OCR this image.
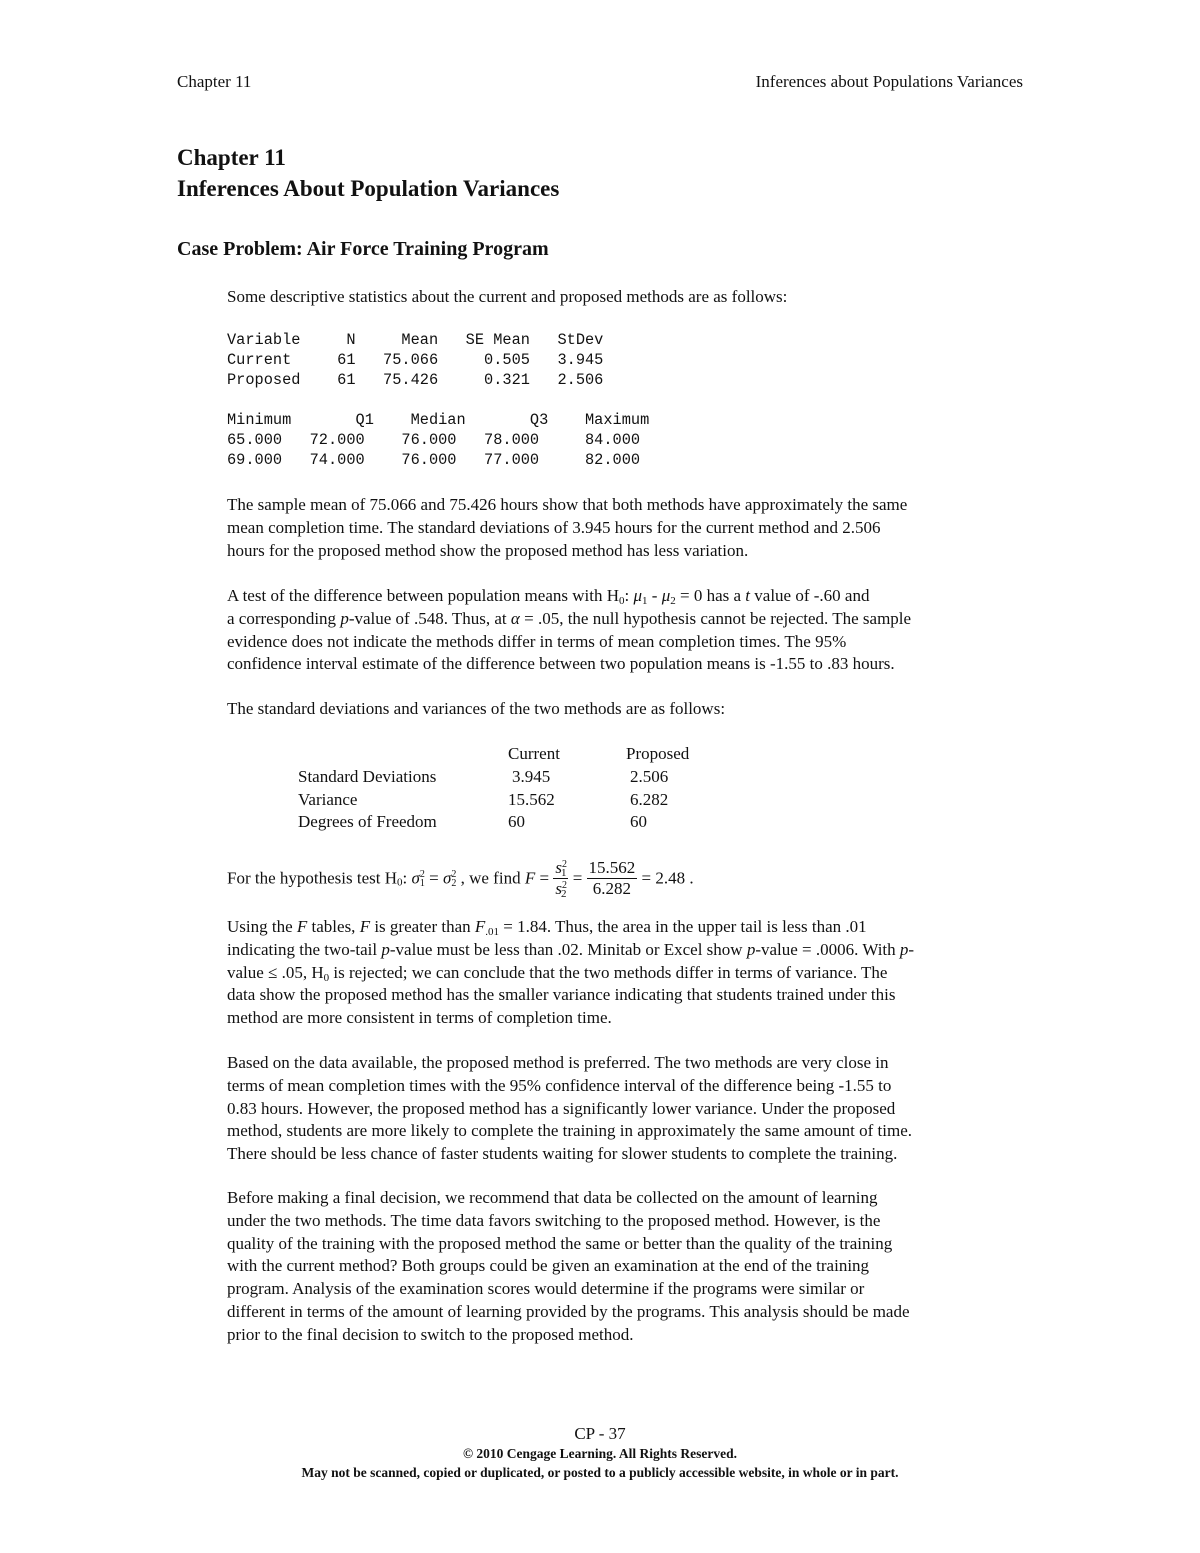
Chapter 11	Inferences about Populations Variances
Chapter 11
Inferences About Population Variances
Case Problem: Air Force Training Program
Some descriptive statistics about the current and proposed methods are as follows:
Variable     N     Mean   SE Mean   StDev
Current     61   75.066     0.505   3.945
Proposed    61   75.426     0.321   2.506
Minimum       Q1    Median       Q3    Maximum
65.000   72.000    76.000   78.000     84.000
69.000   74.000    76.000   77.000     82.000
The sample mean of 75.066 and 75.426 hours show that both methods have approximately the same
mean completion time. The standard deviations of 3.945 hours for the current method and 2.506
hours for the proposed method show the proposed method has less variation.
A test of the difference between population means with $H_0$: $\mu_1 - \mu_2 = 0$ has a t value of -.60 and
a corresponding p-value of .548. Thus, at α = .05, the null hypothesis cannot be rejected. The sample
evidence does not indicate the methods differ in terms of mean completion times. The 95%
confidence interval estimate of the difference between two population means is -1.55 to .83 hours.
The standard deviations and variances of the two methods are as follows:
	Current	Proposed
Standard Deviations	3.945	2.506
Variance	15.562	6.282
Degrees of Freedom	60	60
For the hypothesis test $H_0$: σ 2
1 = σ 2
2 , we find $F = \frac{s^2_1}{s^2_2} = \frac{15.562}{6.282} = 2.48$ .
Using the F tables, F is greater than $F_{.01} = 1.84$. Thus, the area in the upper tail is less than .01
indicating the two-tail p-value must be less than .02. Minitab or Excel show p-value = .0006. With p-
value ≤ .05, $H_0$ is rejected; we can conclude that the two methods differ in terms of variance. The
data show the proposed method has the smaller variance indicating that students trained under this
method are more consistent in terms of completion time.
Based on the data available, the proposed method is preferred. The two methods are very close in
terms of mean completion times with the 95% confidence interval of the difference being -1.55 to
0.83 hours. However, the proposed method has a significantly lower variance. Under the proposed
method, students are more likely to complete the training in approximately the same amount of time.
There should be less chance of faster students waiting for slower students to complete the training.
Before making a final decision, we recommend that data be collected on the amount of learning
under the two methods. The time data favors switching to the proposed method. However, is the
quality of the training with the proposed method the same or better than the quality of the training
with the current method? Both groups could be given an examination at the end of the training
program. Analysis of the examination scores would determine if the programs were similar or
different in terms of the amount of learning provided by the programs. This analysis should be made
prior to the final decision to switch to the proposed method.
CP - 37
© 2010 Cengage Learning. All Rights Reserved.
May not be scanned, copied or duplicated, or posted to a publicly accessible website, in whole or in part.
